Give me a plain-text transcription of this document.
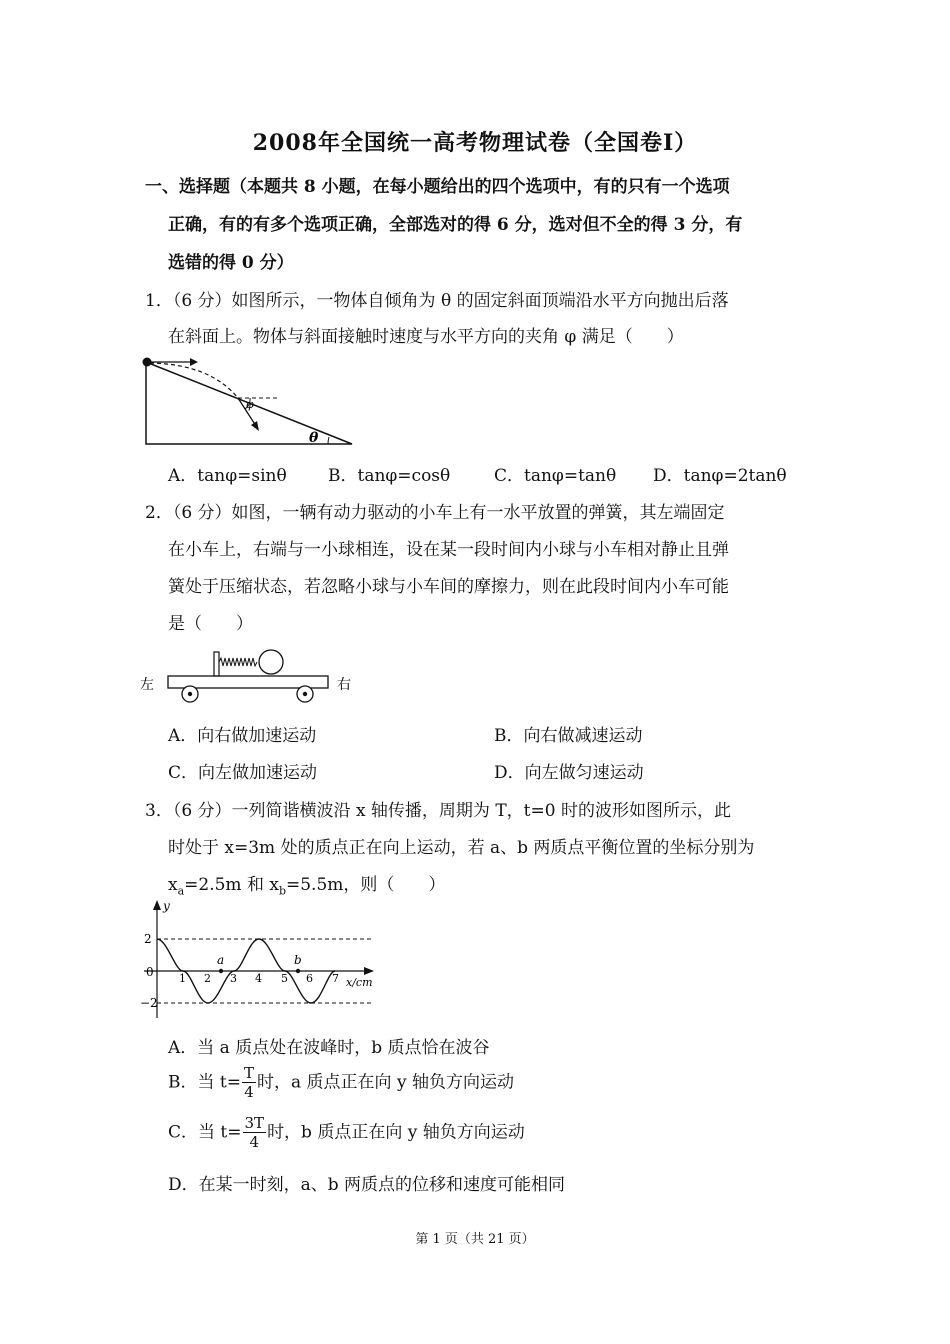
2008年全国统一高考物理试卷（全国卷I）
一、选择题（本题共 8 小题，在每小题给出的四个选项中，有的只有一个选项
正确，有的有多个选项正确，全部选对的得 6 分，选对但不全的得 3 分，有
选错的得 0 分）
1．（6 分）如图所示，一物体自倾角为 θ 的固定斜面顶端沿水平方向抛出后落
在斜面上。物体与斜面接触时速度与水平方向的夹角 φ 满足（　　）
φ
θ
A．tanφ=sinθ B．tanφ=cosθ	C．tanφ=tanθ D．tanφ=2tanθ
2．（6 分）如图，一辆有动力驱动的小车上有一水平放置的弹簧，其左端固定
在小车上，右端与一小球相连，设在某一段时间内小球与小车相对静止且弹
簧处于压缩状态，若忽略小球与小车间的摩擦力，则在此段时间内小车可能
是（　　）
左	右
A．向右做加速运动	B．向右做减速运动
C．向左做加速运动	D．向左做匀速运动
3．（6 分）一列简谐横波沿 x 轴传播，周期为 T，t=0 时的波形如图所示，此
时处于 x=3m 处的质点正在向上运动，若 a、b 两质点平衡位置的坐标分别为
$x_a=2.5m$ 和 $x_b=5.5m$，则（　　）
y
x/cm
2
0
−2
a	b
1 2 3 4 5 6 7
A．当 a 质点处在波峰时，b 质点恰在波谷
B．当 $t= \frac{T}{4}$ 时，a 质点正在向 y 轴负方向运动
C．当 $t= \frac{3T}{4}$ 时，b 质点正在向 y 轴负方向运动
D．在某一时刻，a、b 两质点的位移和速度可能相同
第 1 页（共 21 页）
